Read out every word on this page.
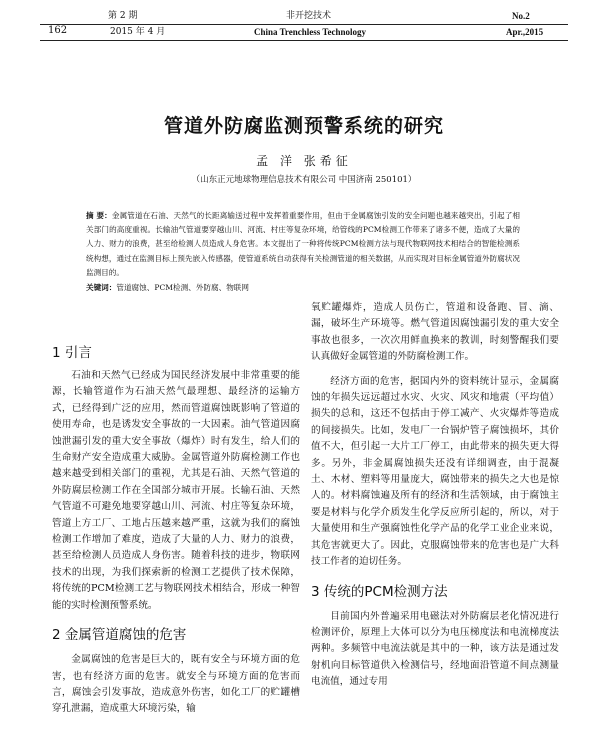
第 2 期	非开挖技术	No.2
162	2015 年 4 月	China Trenchless Technology	Apr.,2015
管道外防腐监测预警系统的研究
孟 洋 张希征
（山东正元地球物理信息技术有限公司 中国济南 250101）
摘 要：金属管道在石油、天然气的长距离输送过程中发挥着重要作用，但由于金属腐蚀引发的安全问题也越来越突出，引起了相关部门的高度重视。长输油气管道要穿越山川、河流、村庄等复杂环境，给管线的PCM检测工作带来了诸多不便，造成了大量的人力、财力的浪费，甚至给检测人员造成人身危害。本文提出了一种将传统PCM检测方法与现代物联网技术相结合的智能检测系统构想，通过在监测目标上预先嵌入传感器，使管道系统自动获得有关检测管道的相关数据，从而实现对目标金属管道外防腐状况监测目的。
关键词：管道腐蚀、PCM检测、外防腐、物联网
1 引言

石油和天然气已经成为国民经济发展中非常重要的能源，长输管道作为石油天然气最理想、最经济的运输方式，已经得到广泛的应用，然而管道腐蚀既影响了管道的使用寿命，也是诱发安全事故的一大因素。油气管道因腐蚀泄漏引发的重大安全事故（爆炸）时有发生，给人们的生命财产安全造成重大威胁。金属管道外防腐检测工作也越来越受到相关部门的重视，尤其是石油、天然气管道的外防腐层检测工作在全国部分城市开展。长输石油、天然气管道不可避免地要穿越山川、河流、村庄等复杂环境，管道上方工厂、工地占压越来越严重，这就为我们的腐蚀检测工作增加了难度，造成了大量的人力、财力的浪费，甚至给检测人员造成人身伤害。随着科技的进步，物联网技术的出现，为我们探索新的检测工艺提供了技术保障，将传统的PCM检测工艺与物联网技术相结合，形成一种智能的实时检测预警系统。

2 金属管道腐蚀的危害

金属腐蚀的危害是巨大的，既有安全与环境方面的危害，也有经济方面的危害。就安全与环境方面的危害而言，腐蚀会引发事故，造成意外伤害，如化工厂的贮罐槽穿孔泄漏，造成重大环境污染，输

氧贮罐爆炸，造成人员伤亡，管道和设备跑、冒、滴、漏，破坏生产环境等。燃气管道因腐蚀漏引发的重大安全事故也很多，一次次用鲜血换来的教训，时刻警醒我们要认真做好金属管道的外防腐检测工作。

经济方面的危害，据国内外的资料统计显示，金属腐蚀的年损失远远超过水灾、火灾、风灾和地震（平均值）损失的总和，这还不包括由于停工减产、火灾爆炸等造成的间接损失。比如，发电厂一台锅炉管子腐蚀损坏，其价值不大，但引起一大片工厂停工，由此带来的损失更大得多。另外，非金属腐蚀损失还没有详细调查，由于混凝土、木材、塑料等用量庞大，腐蚀带来的损失之大也是惊人的。材料腐蚀遍及所有的经济和生活领域，由于腐蚀主要是材料与化学介质发生化学反应所引起的，所以，对于大量使用和生产强腐蚀性化学产品的化学工业企业来说，其危害就更大了。因此，克服腐蚀带来的危害也是广大科技工作者的迫切任务。

3 传统的PCM检测方法

目前国内外普遍采用电磁法对外防腐层老化情况进行检测评价，原理上大体可以分为电压梯度法和电流梯度法两种。多频管中电流法就是其中的一种，该方法是通过发射机向目标管道供入检测信号，经地面沿管道不间点测量电流值，通过专用
